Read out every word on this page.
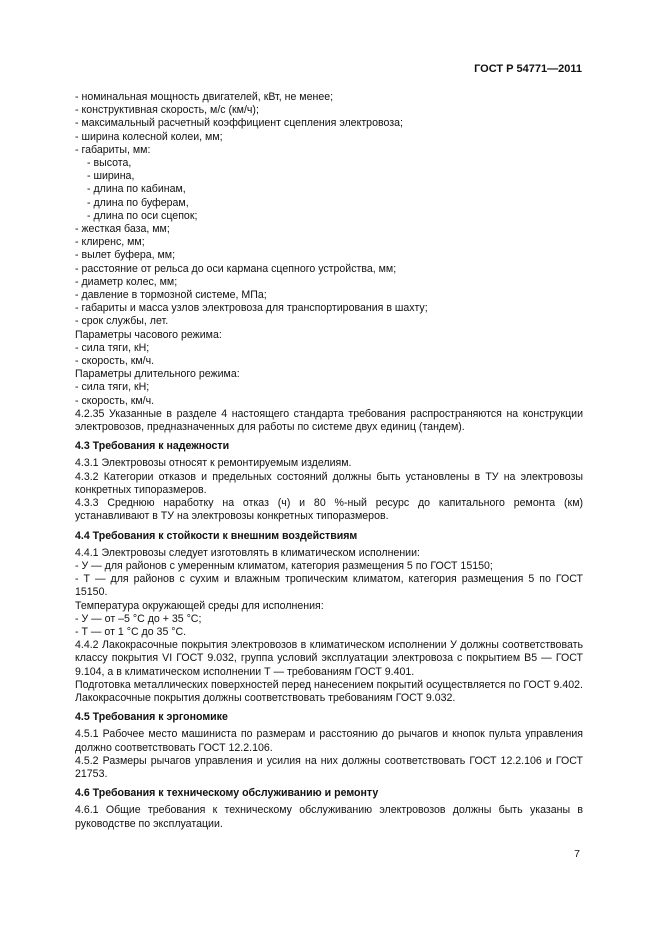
ГОСТ Р 54771—2011
- номинальная мощность двигателей, кВт, не менее;
- конструктивная скорость, м/с (км/ч);
- максимальный расчетный коэффициент сцепления электровоза;
- ширина колесной колеи, мм;
- габариты, мм:
- высота,
- ширина,
- длина по кабинам,
- длина по буферам,
- длина по оси сцепок;
- жесткая база, мм;
- клиренс, мм;
- вылет буфера, мм;
- расстояние от рельса до оси кармана сцепного устройства, мм;
- диаметр колес, мм;
- давление в тормозной системе, МПа;
- габариты и масса узлов электровоза для транспортирования в шахту;
- срок службы, лет.
Параметры часового режима:
- сила тяги, кН;
- скорость, км/ч.
Параметры длительного режима:
- сила тяги, кН;
- скорость, км/ч.
4.2.35 Указанные в разделе 4 настоящего стандарта требования распространяются на конструкции электровозов, предназначенных для работы по системе двух единиц (тандем).
4.3 Требования к надежности
4.3.1 Электровозы относят к ремонтируемым изделиям.
4.3.2 Категории отказов и предельных состояний должны быть установлены в ТУ на электровозы конкретных типоразмеров.
4.3.3 Среднюю наработку на отказ (ч) и 80 %-ный ресурс до капитального ремонта (км) устанавливают в ТУ на электровозы конкретных типоразмеров.
4.4 Требования к стойкости к внешним воздействиям
4.4.1 Электровозы следует изготовлять в климатическом исполнении:
- У — для районов с умеренным климатом, категория размещения 5 по ГОСТ 15150;
- Т — для районов с сухим и влажным тропическим климатом, категория размещения 5 по ГОСТ 15150.
Температура окружающей среды для исполнения:
- У — от –5 °С до + 35 °С;
- Т — от 1 °С до 35 °С.
4.4.2 Лакокрасочные покрытия электровозов в климатическом исполнении У должны соответствовать классу покрытия VI ГОСТ 9.032, группа условий эксплуатации электровоза с покрытием В5 — ГОСТ 9.104, а в климатическом исполнении Т — требованиям ГОСТ 9.401.
Подготовка металлических поверхностей перед нанесением покрытий осуществляется по ГОСТ 9.402. Лакокрасочные покрытия должны соответствовать требованиям ГОСТ 9.032.
4.5 Требования к эргономике
4.5.1 Рабочее место машиниста по размерам и расстоянию до рычагов и кнопок пульта управления должно соответствовать ГОСТ 12.2.106.
4.5.2 Размеры рычагов управления и усилия на них должны соответствовать ГОСТ 12.2.106 и ГОСТ 21753.
4.6 Требования к техническому обслуживанию и ремонту
4.6.1 Общие требования к техническому обслуживанию электровозов должны быть указаны в руководстве по эксплуатации.
7
